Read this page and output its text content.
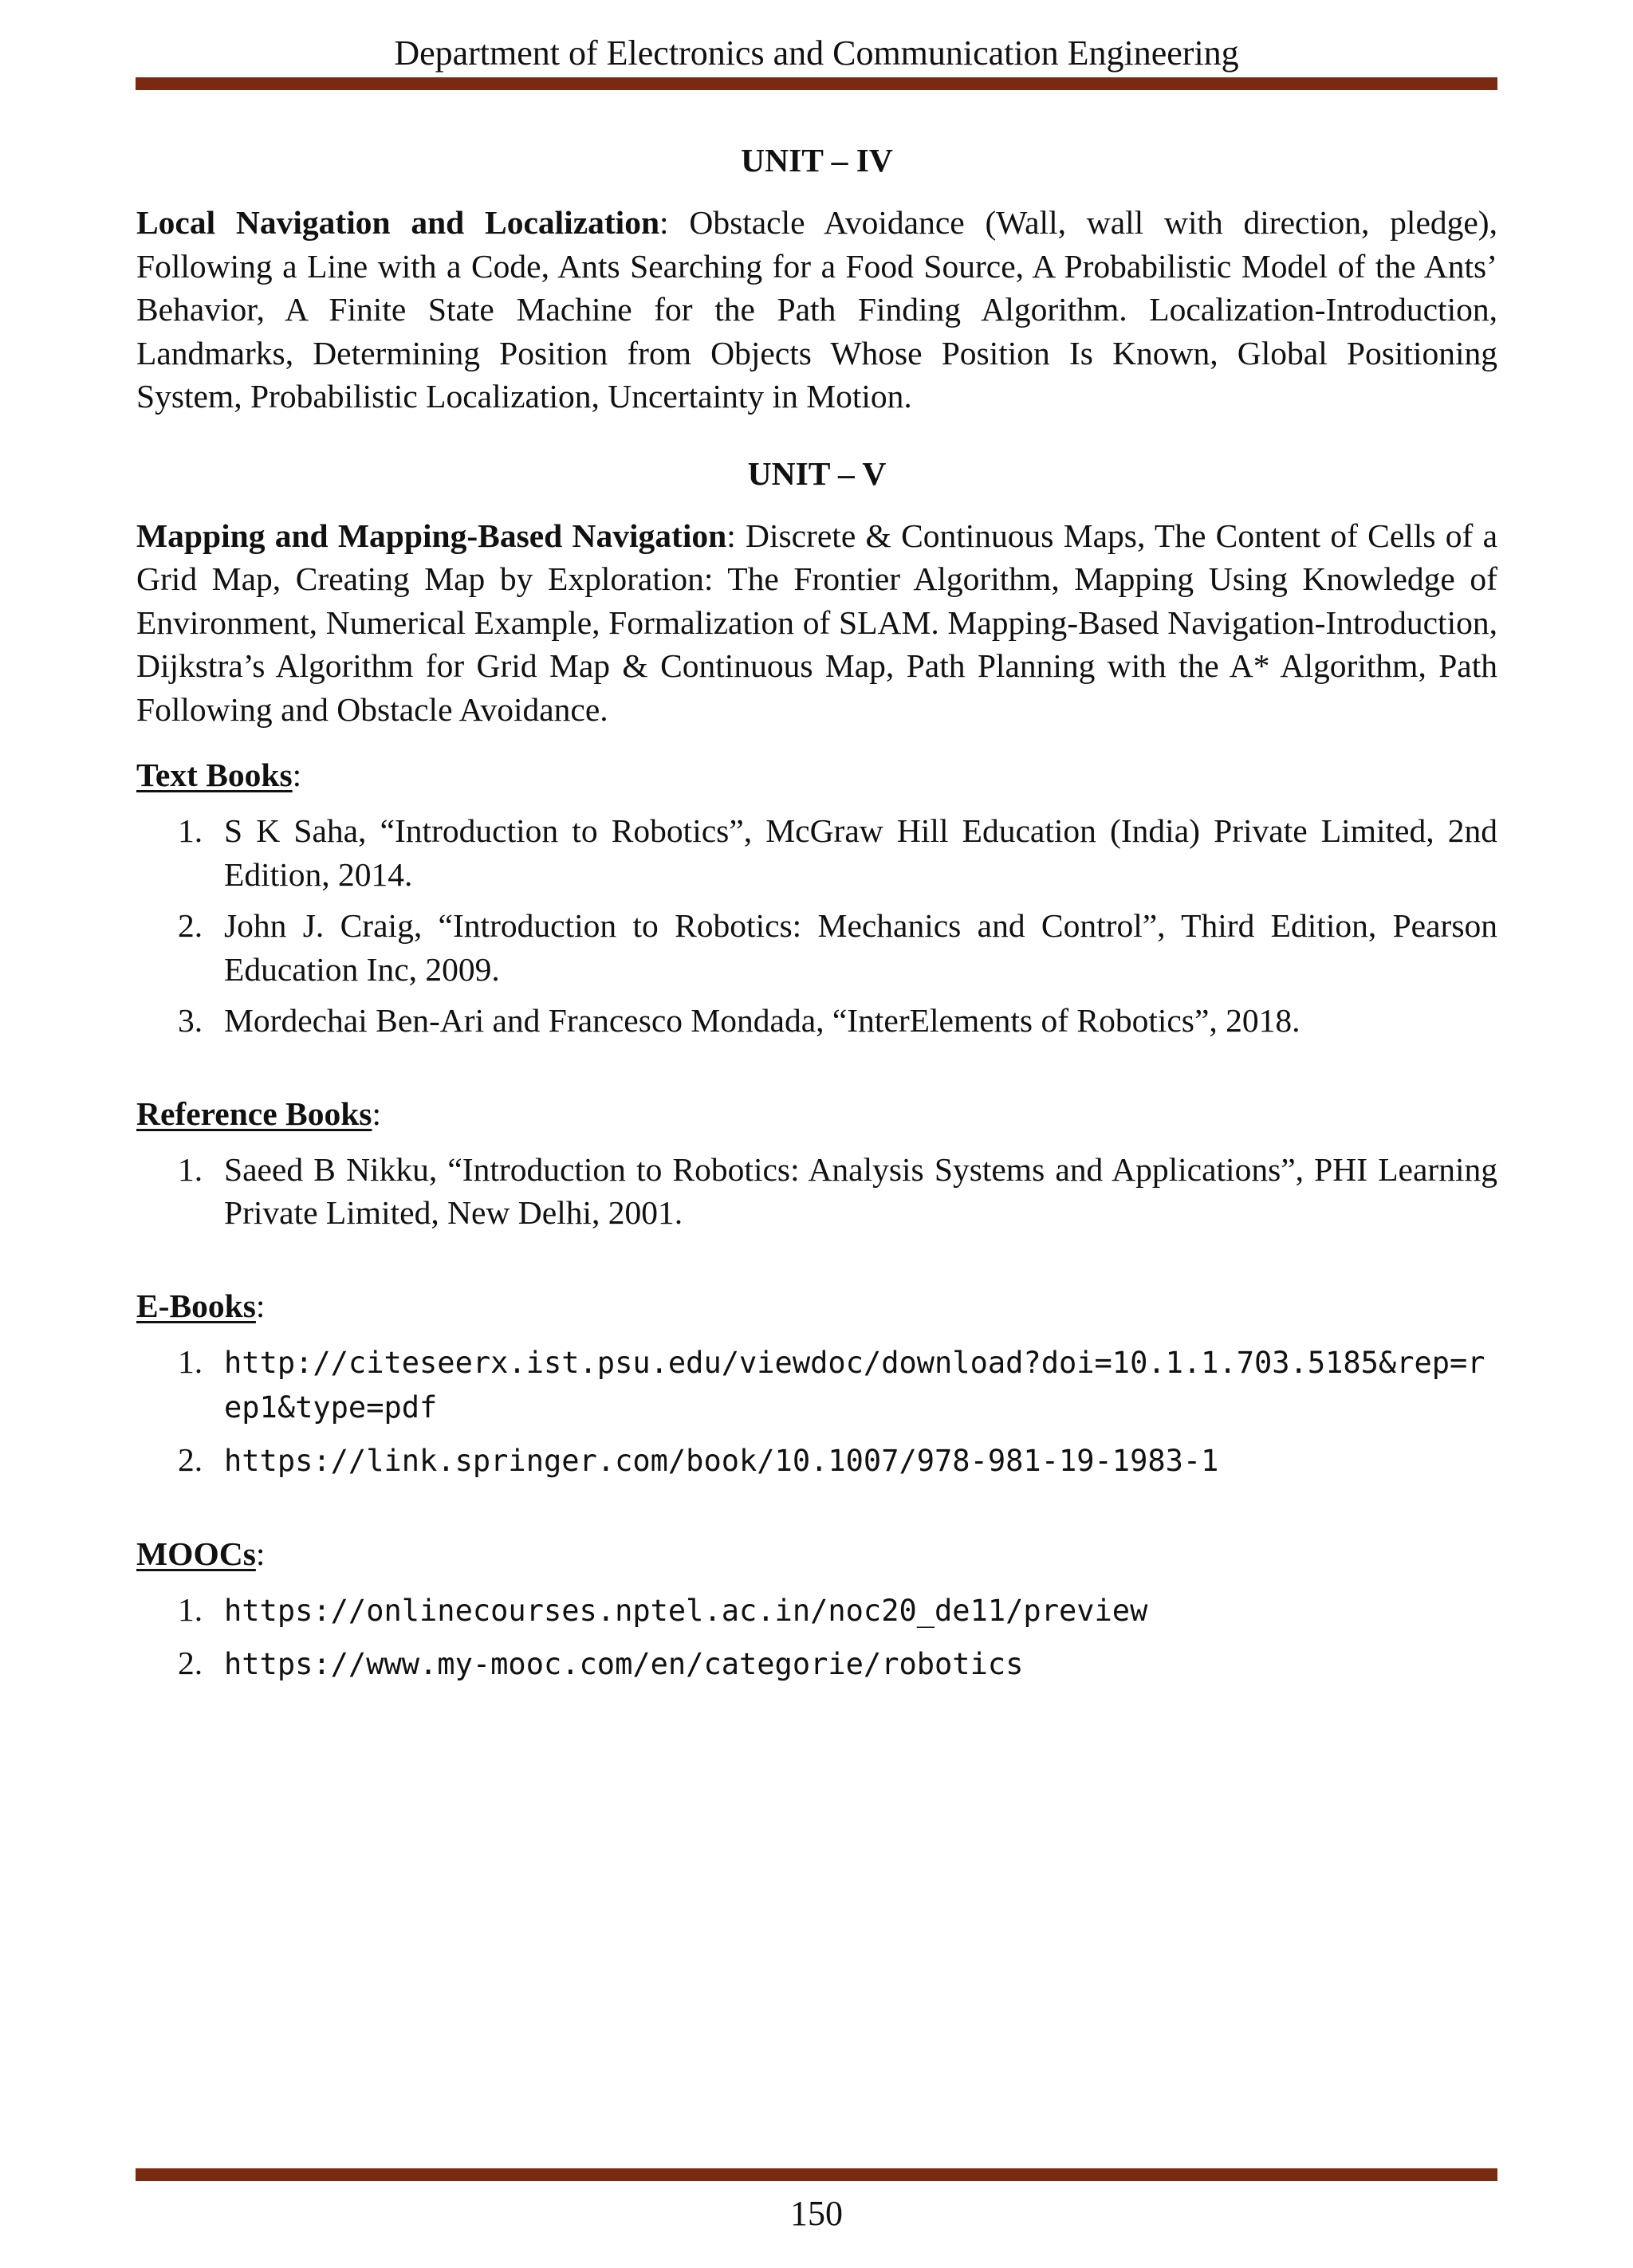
Department of Electronics and Communication Engineering
UNIT – IV

Local Navigation and Localization: Obstacle Avoidance (Wall, wall with direction, pledge), Following a Line with a Code, Ants Searching for a Food Source, A Probabilistic Model of the Ants’ Behavior, A Finite State Machine for the Path Finding Algorithm. Localization-Introduction, Landmarks, Determining Position from Objects Whose Position Is Known, Global Positioning System, Probabilistic Localization, Uncertainty in Motion.

UNIT – V

Mapping and Mapping-Based Navigation: Discrete & Continuous Maps, The Content of Cells of a Grid Map, Creating Map by Exploration: The Frontier Algorithm, Mapping Using Knowledge of Environment, Numerical Example, Formalization of SLAM. Mapping-Based Navigation-Introduction, Dijkstra’s Algorithm for Grid Map & Continuous Map, Path Planning with the A* Algorithm, Path Following and Obstacle Avoidance.

Text Books:

1. S K Saha, “Introduction to Robotics”, McGraw Hill Education (India) Private Limited, 2nd Edition, 2014.
2. John J. Craig, “Introduction to Robotics: Mechanics and Control”, Third Edition, Pearson Education Inc, 2009.
3. Mordechai Ben-Ari and Francesco Mondada, “InterElements of Robotics”, 2018.

Reference Books:

1. Saeed B Nikku, “Introduction to Robotics: Analysis Systems and Applications”, PHI Learning Private Limited, New Delhi, 2001.

E-Books:

1. http://citeseerx.ist.psu.edu/viewdoc/download?doi=10.1.1.703.5185&rep=rep1&type=pdf
2. https://link.springer.com/book/10.1007/978-981-19-1983-1

MOOCs:

1. https://onlinecourses.nptel.ac.in/noc20_de11/preview
2. https://www.my-mooc.com/en/categorie/robotics
150
